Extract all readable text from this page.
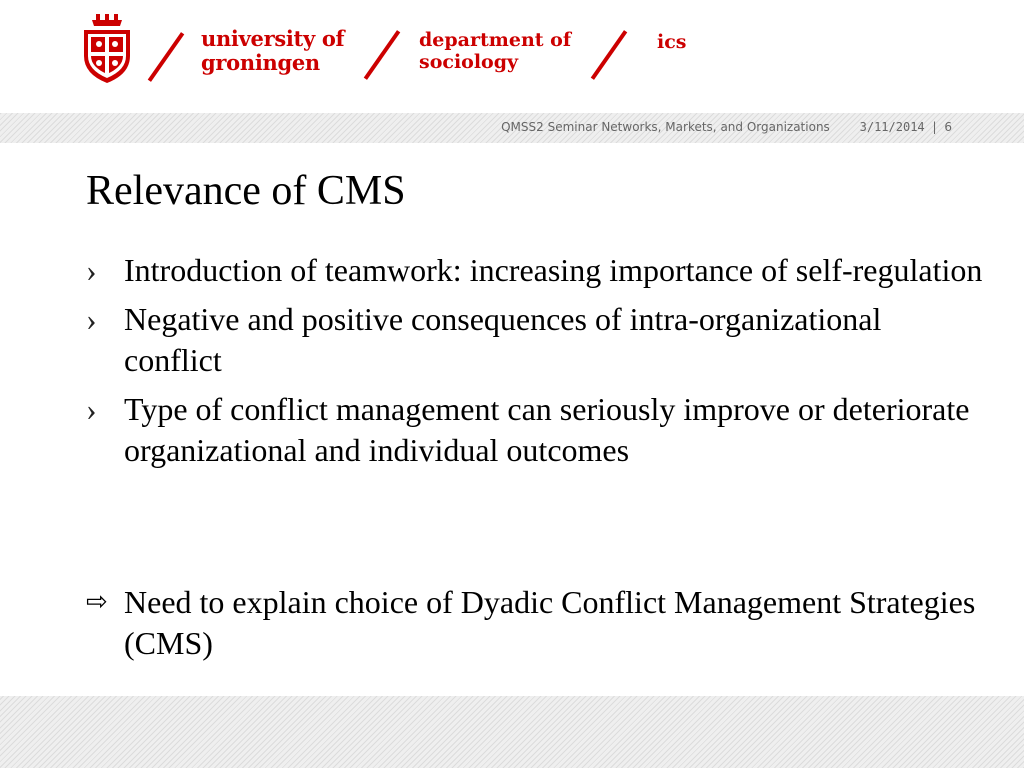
university of
groningen
department of
sociology
ics
QMSS2 Seminar Networks, Markets, and Organizations 3/11/2014 | 6
Relevance of CMS
› Introduction of teamwork: increasing importance of self-regulation
› Negative and positive consequences of intra-organizational conflict
› Type of conflict management can seriously improve or deteriorate organizational and individual outcomes
⇨ Need to explain choice of Dyadic Conflict Management Strategies (CMS)
